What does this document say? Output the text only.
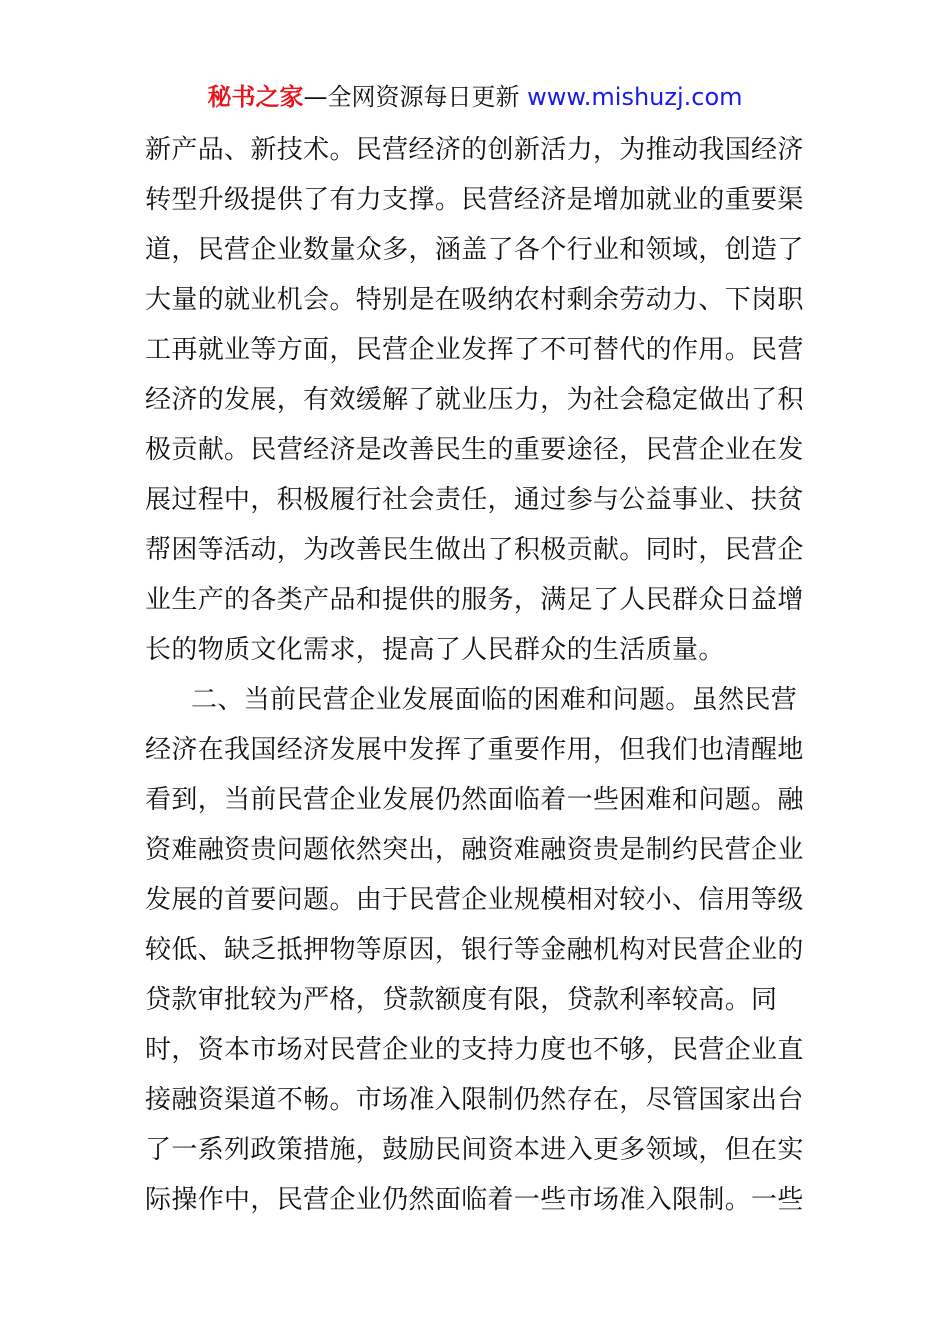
秘书之家—全网资源每日更新 www.mishuzj.com
新产品、新技术。民营经济的创新活力，为推动我国经济
转型升级提供了有力支撑。民营经济是增加就业的重要渠
道，民营企业数量众多，涵盖了各个行业和领域，创造了
大量的就业机会。特别是在吸纳农村剩余劳动力、下岗职
工再就业等方面，民营企业发挥了不可替代的作用。民营
经济的发展，有效缓解了就业压力，为社会稳定做出了积
极贡献。民营经济是改善民生的重要途径，民营企业在发
展过程中，积极履行社会责任，通过参与公益事业、扶贫
帮困等活动，为改善民生做出了积极贡献。同时，民营企
业生产的各类产品和提供的服务，满足了人民群众日益增
长的物质文化需求，提高了人民群众的生活质量。
二、当前民营企业发展面临的困难和问题。虽然民营
经济在我国经济发展中发挥了重要作用，但我们也清醒地
看到，当前民营企业发展仍然面临着一些困难和问题。融
资难融资贵问题依然突出，融资难融资贵是制约民营企业
发展的首要问题。由于民营企业规模相对较小、信用等级
较低、缺乏抵押物等原因，银行等金融机构对民营企业的
贷款审批较为严格，贷款额度有限，贷款利率较高。同
时，资本市场对民营企业的支持力度也不够，民营企业直
接融资渠道不畅。市场准入限制仍然存在，尽管国家出台
了一系列政策措施，鼓励民间资本进入更多领域，但在实
际操作中，民营企业仍然面临着一些市场准入限制。一些
